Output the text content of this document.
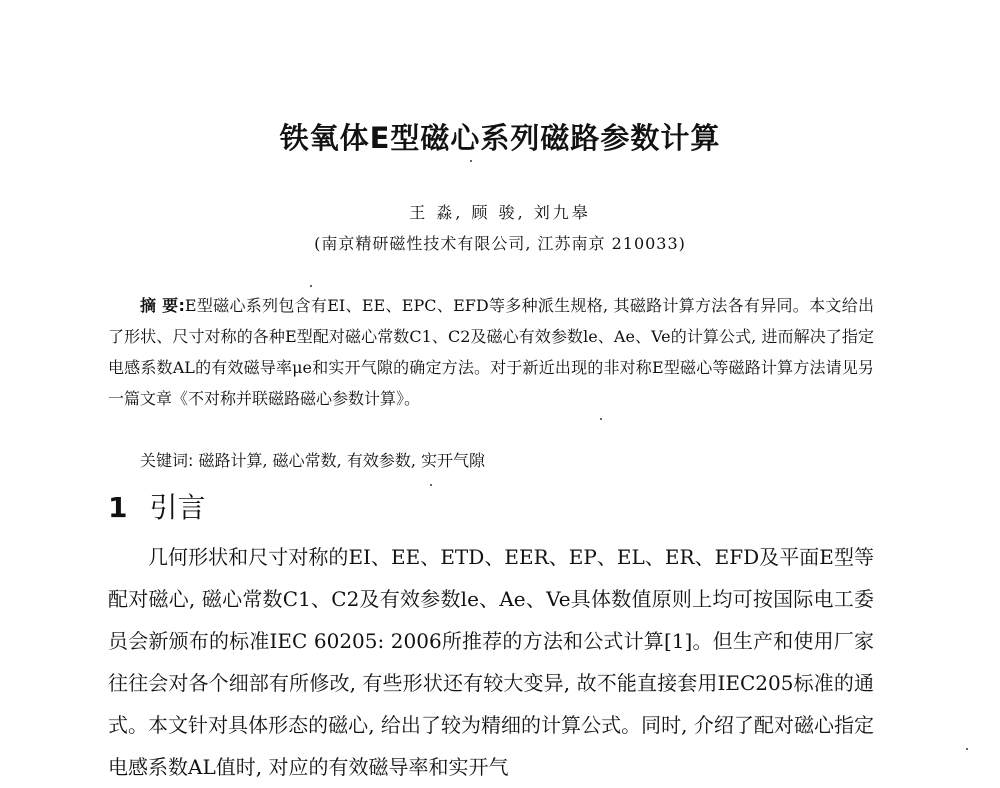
铁氧体E型磁心系列磁路参数计算
王 淼, 顾 骏, 刘九皋
(南京精研磁性技术有限公司, 江苏南京 210033)

摘 要:E型磁心系列包含有EI、EE、EPC、EFD等多种派生规格, 其磁路计算方法各有异同。本文给出了形状、尺寸对称的各种E型配对磁心常数C1、C2及磁心有效参数le、Ae、Ve的计算公式, 进而解决了指定电感系数AL的有效磁导率μe和实开气隙的确定方法。对于新近出现的非对称E型磁心等磁路计算方法请见另一篇文章《不对称并联磁路磁心参数计算》。

关键词: 磁路计算, 磁心常数, 有效参数, 实开气隙
1 引言

几何形状和尺寸对称的EI、EE、ETD、EER、EP、EL、ER、EFD及平面E型等配对磁心, 磁心常数C1、C2及有效参数le、Ae、Ve具体数值原则上均可按国际电工委员会新颁布的标准IEC 60205: 2006所推荐的方法和公式计算[1]。但生产和使用厂家往往会对各个细部有所修改, 有些形状还有较大变异, 故不能直接套用IEC205标准的通式。本文针对具体形态的磁心, 给出了较为精细的计算公式。同时, 介绍了配对磁心指定电感系数AL值时, 对应的有效磁导率和实开气
